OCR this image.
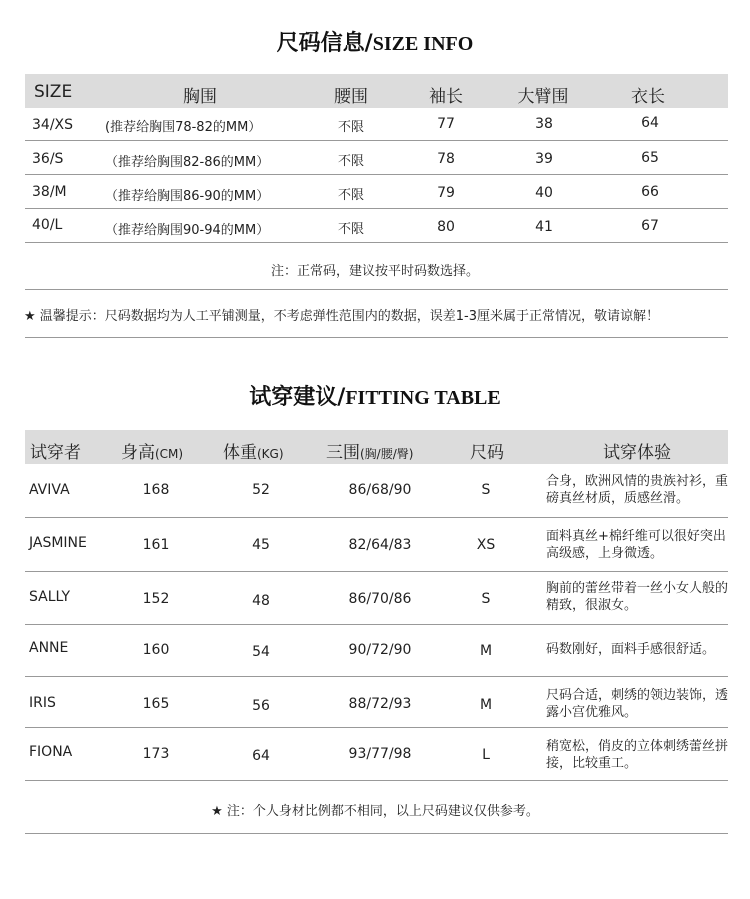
尺码信息/SIZE INFO
SIZE	胸围	腰围	袖长	大臂围	衣长
34/XS (推荐给胸围78-82的MM）	不限	77	38	64
36/S	（推荐给胸围82-86的MM）	不限	78	39	65
38/M	（推荐给胸围86-90的MM）	不限	79	40	66
40/L	（推荐给胸围90-94的MM）	不限	80	41	67
注：正常码，建议按平时码数选择。
★ 温馨提示：尺码数据均为人工平铺测量，不考虑弹性范围内的数据，误差1-3厘米属于正常情况，敬请谅解！
试穿建议/FITTING TABLE
试穿者 身高(CM) 体重(KG) 三围(胸/腰/臀)	尺码	试穿体验
AVIVA	168	52	86/68/90	S
合身，欧洲风情的贵族衬衫，重磅真丝材质，质感丝滑。
JASMINE	161	45	82/64/83	XS
面料真丝+棉纤维可以很好突出高级感，上身微透。
SALLY	152	48	86/70/86	S
胸前的蕾丝带着一丝小女人般的精致，很淑女。
ANNE	160	54	90/72/90	M	码数刚好，面料手感很舒适。
IRIS	165	56	88/72/93	M
尺码合适，刺绣的领边装饰，透露小宫优雅风。
FIONA	173	64	93/77/98	L
稍宽松，俏皮的立体刺绣蕾丝拼接，比较重工。
★ 注：个人身材比例都不相同，以上尺码建议仅供参考。
